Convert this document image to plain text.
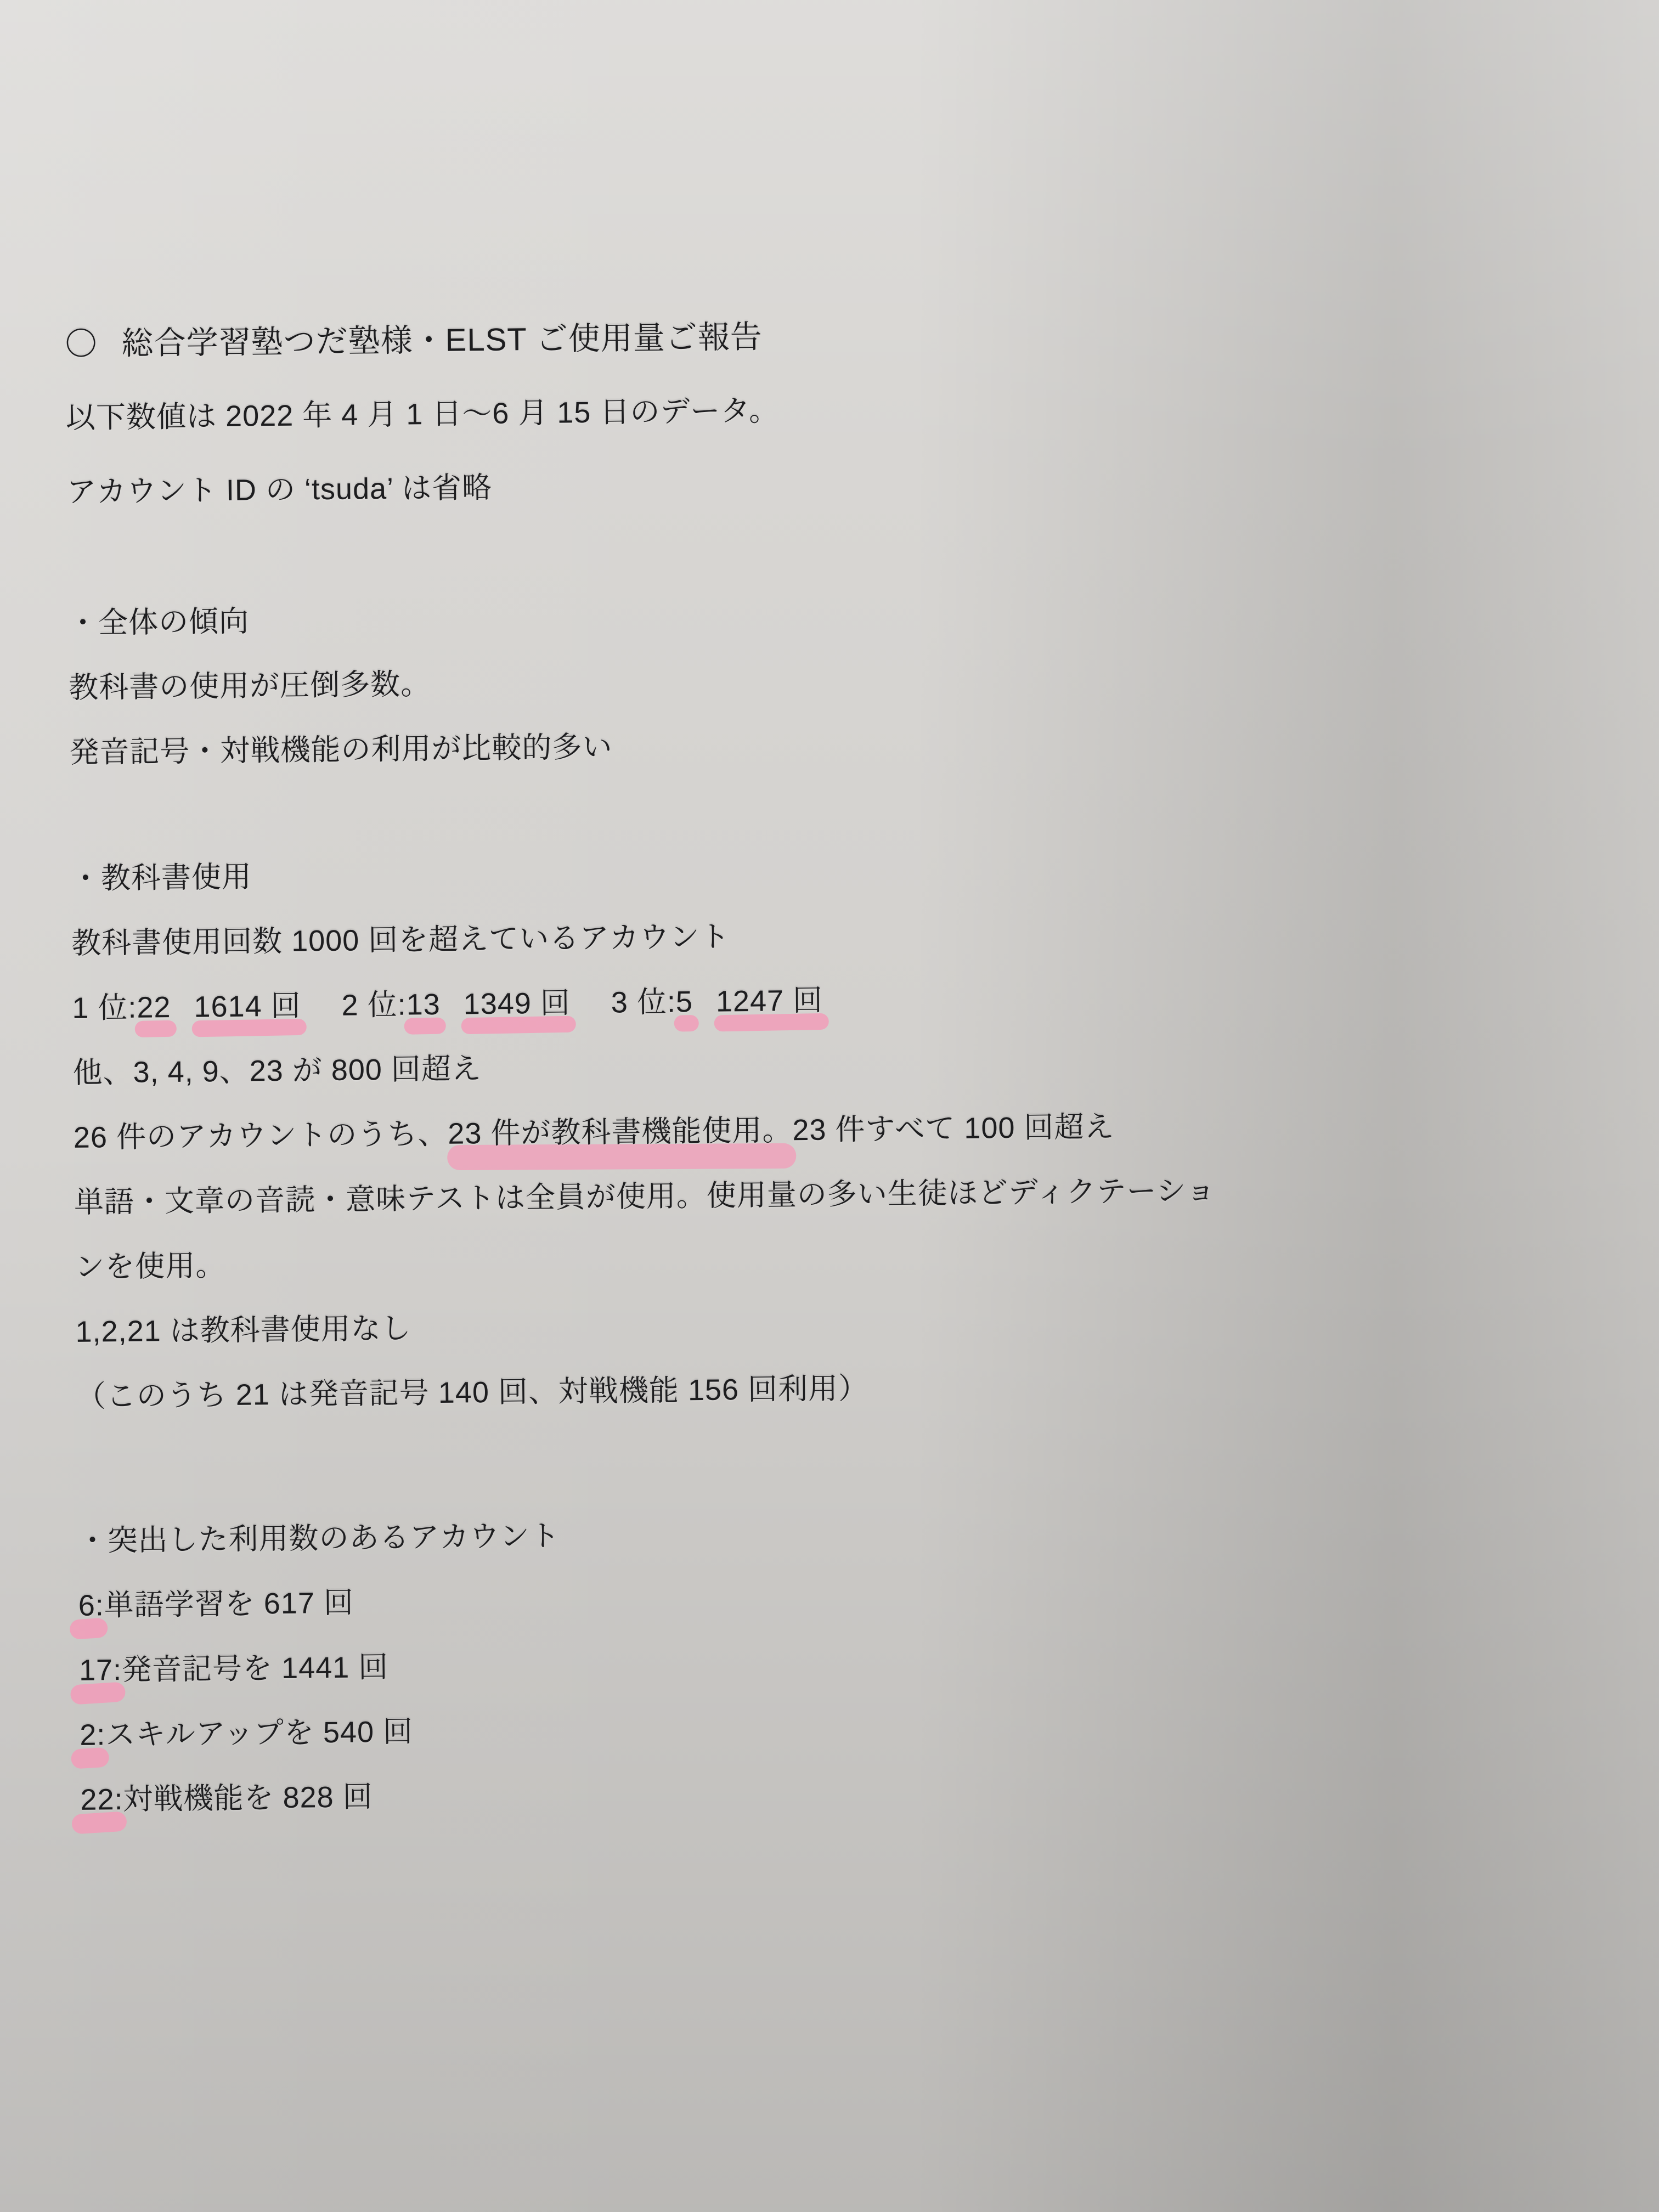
〇 総合学習塾つだ塾様・ELST ご使用量ご報告
以下数値は 2022 年 4 月 1 日～6 月 15 日のデータ。
アカウント ID の ‘tsuda’ は省略
・全体の傾向
教科書の使用が圧倒多数。
発音記号・対戦機能の利用が比較的多い
・教科書使用
教科書使用回数 1000 回を超えているアカウント
1 位:22 1614 回 2 位:13 1349 回 3 位:5 1247 回
他、3, 4, 9、23 が 800 回超え
26 件のアカウントのうち、23 件が教科書機能使用。23 件すべて 100 回超え
単語・文章の音読・意味テストは全員が使用。使用量の多い生徒ほどディクテーショ
ンを使用。
1,2,21 は教科書使用なし
（このうち 21 は発音記号 140 回、対戦機能 156 回利用）
・突出した利用数のあるアカウント
6:単語学習を 617 回
17:発音記号を 1441 回
2:スキルアップを 540 回
22:対戦機能を 828 回
